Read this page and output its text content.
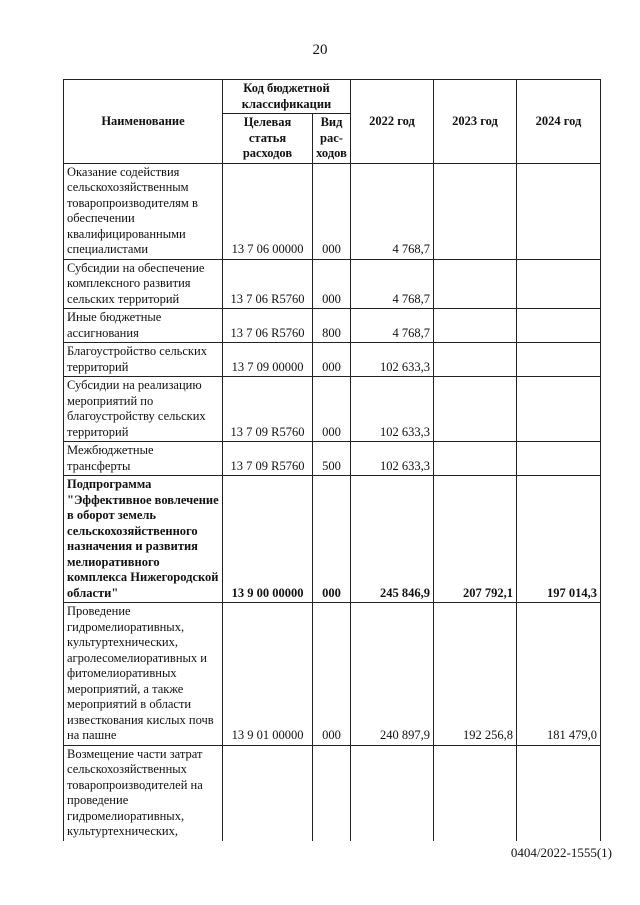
20
Наименование	Код бюджетной классификации		2022 год	2023 год	2024 год
	Целевая статья расходов	Вид рас-ходов			
Оказание содействия сельскохозяйственным товаропроизводителям в обеспечении квалифицированными специалистами	13 7 06 00000	000	4 768,7		
Субсидии на обеспечение комплексного развития сельских территорий	13 7 06 R5760	000	4 768,7		
Иные бюджетные ассигнования	13 7 06 R5760	800	4 768,7		
Благоустройство сельских территорий	13 7 09 00000	000	102 633,3		
Субсидии на реализацию мероприятий по благоустройству сельских территорий	13 7 09 R5760	000	102 633,3		
Межбюджетные трансферты	13 7 09 R5760	500	102 633,3		
Подпрограмма "Эффективное вовлечение в оборот земель сельскохозяйственного назначения и развития мелиоративного комплекса Нижегородской области"	13 9 00 00000	000	245 846,9	207 792,1	197 014,3
Проведение гидромелиоративных, культуртехнических, агролесомелиоративных и фитомелиоративных мероприятий, а также мероприятий в области известкования кислых почв на пашне	13 9 01 00000	000	240 897,9	192 256,8	181 479,0
Возмещение части затрат сельскохозяйственных товаропроизводителей на проведение гидромелиоративных, культуртехнических,					
0404/2022-1555(1)
